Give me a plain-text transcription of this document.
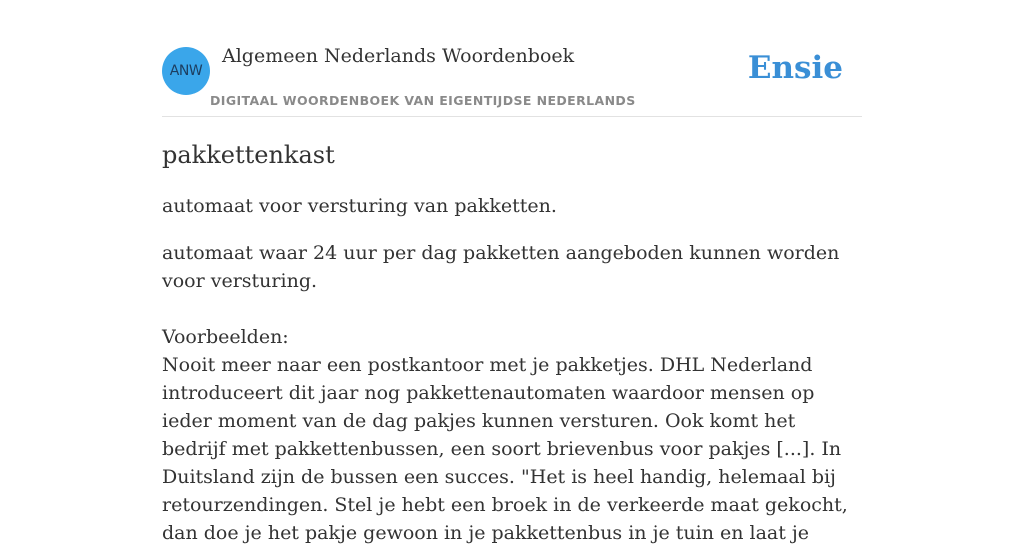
ANW
Algemeen Nederlands Woordenboek
DIGITAAL WOORDENBOEK VAN EIGENTIJDSE NEDERLANDS
Ensie
pakkettenkast

automaat voor versturing van pakketten.

automaat waar 24 uur per dag pakketten aangeboden kunnen worden voor versturing.

Voorbeelden:

Nooit meer naar een postkantoor met je pakketjes. DHL Nederland introduceert dit jaar nog pakkettenautomaten waardoor mensen op ieder moment van de dag pakjes kunnen versturen. Ook komt het bedrijf met pakkettenbussen, een soort brievenbus voor pakjes [...]. In Duitsland zijn de bussen een succes. "Het is heel handig, helemaal bij retourzendingen. Stel je hebt een broek in de verkeerde maat gekocht, dan doe je het pakje gewoon in je pakkettenbus in je tuin en laat je
